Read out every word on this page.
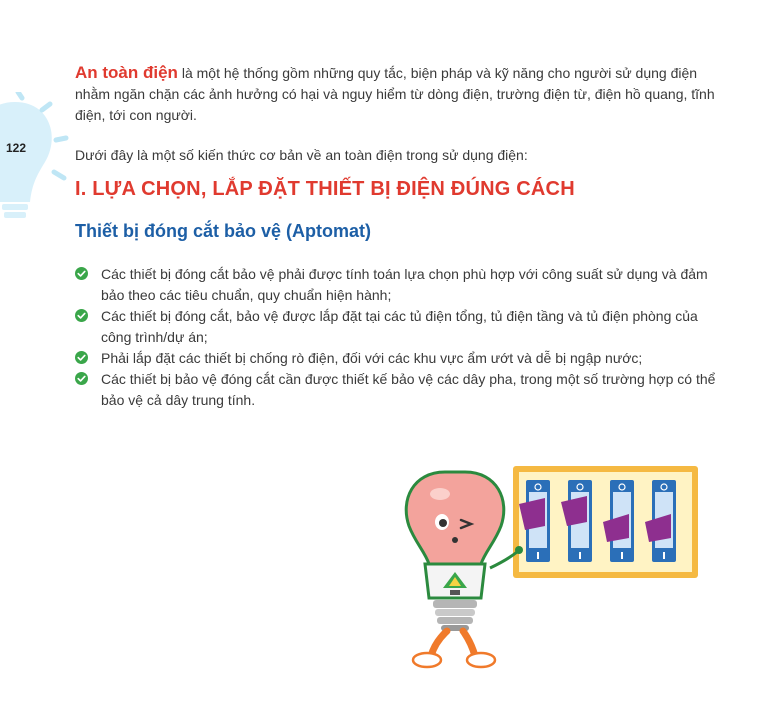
122

An toàn điện là một hệ thống gồm những quy tắc, biện pháp và kỹ năng cho người sử dụng điện nhằm ngăn chặn các ảnh hưởng có hại và nguy hiểm từ dòng điện, trường điện từ, điện hồ quang, tĩnh điện, tới con người.

Dưới đây là một số kiến thức cơ bản về an toàn điện trong sử dụng điện:

I. LỰA CHỌN, LẮP ĐẶT THIẾT BỊ ĐIỆN ĐÚNG CÁCH
Thiết bị đóng cắt bảo vệ (Aptomat)
Các thiết bị đóng cắt bảo vệ phải được tính toán lựa chọn phù hợp với công suất sử dụng và đảm bảo theo các tiêu chuẩn, quy chuẩn hiện hành;
Các thiết bị đóng cắt, bảo vệ được lắp đặt tại các tủ điện tổng, tủ điện tầng và tủ điện phòng của công trình/dự án;
Phải lắp đặt các thiết bị chống rò điện, đối với các khu vực ẩm ướt và dễ bị ngập nước;
Các thiết bị bảo vệ đóng cắt cần được thiết kế bảo vệ các dây pha, trong một số trường hợp có thể bảo vệ cả dây trung tính.
